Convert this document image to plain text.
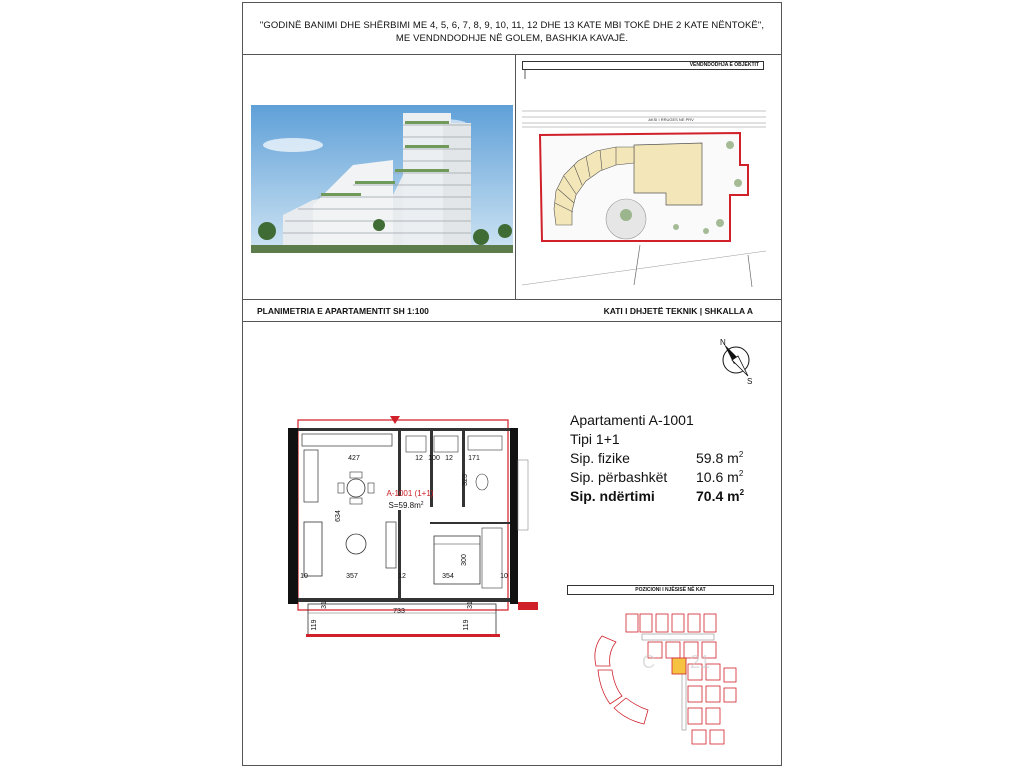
"GODINË BANIMI DHE SHËRBIMI ME 4, 5, 6, 7, 8, 9, 10, 11, 12 DHE 13 KATE MBI TOKË DHE 2 KATE NËNTOKË",
ME VENDNDODHJE NË GOLEM, BASHKIA KAVAJË.
VENDNDODHJA E OBJEKTIT
AKSI I RRUGES NE PRV
PLANIMETRIA E APARTAMENTIT SH 1:100	KATI I DHJETË TEKNIK | SHKALLA A
N
S
427	12 100 12 171
323
634
300
357	12	354
10	10
733
119	119
31	31
A-1001 (1+1)
$S=59.8m^2$
Apartamenti A-1001
Tipi 1+1
Sip. fizike	59.8 $m^2$
Sip. përbashkët 10.6 $m^2$
Sip. ndërtimi	70.4 $m^2$
POZICIONI I NJËSISË NË KAT
C       21
